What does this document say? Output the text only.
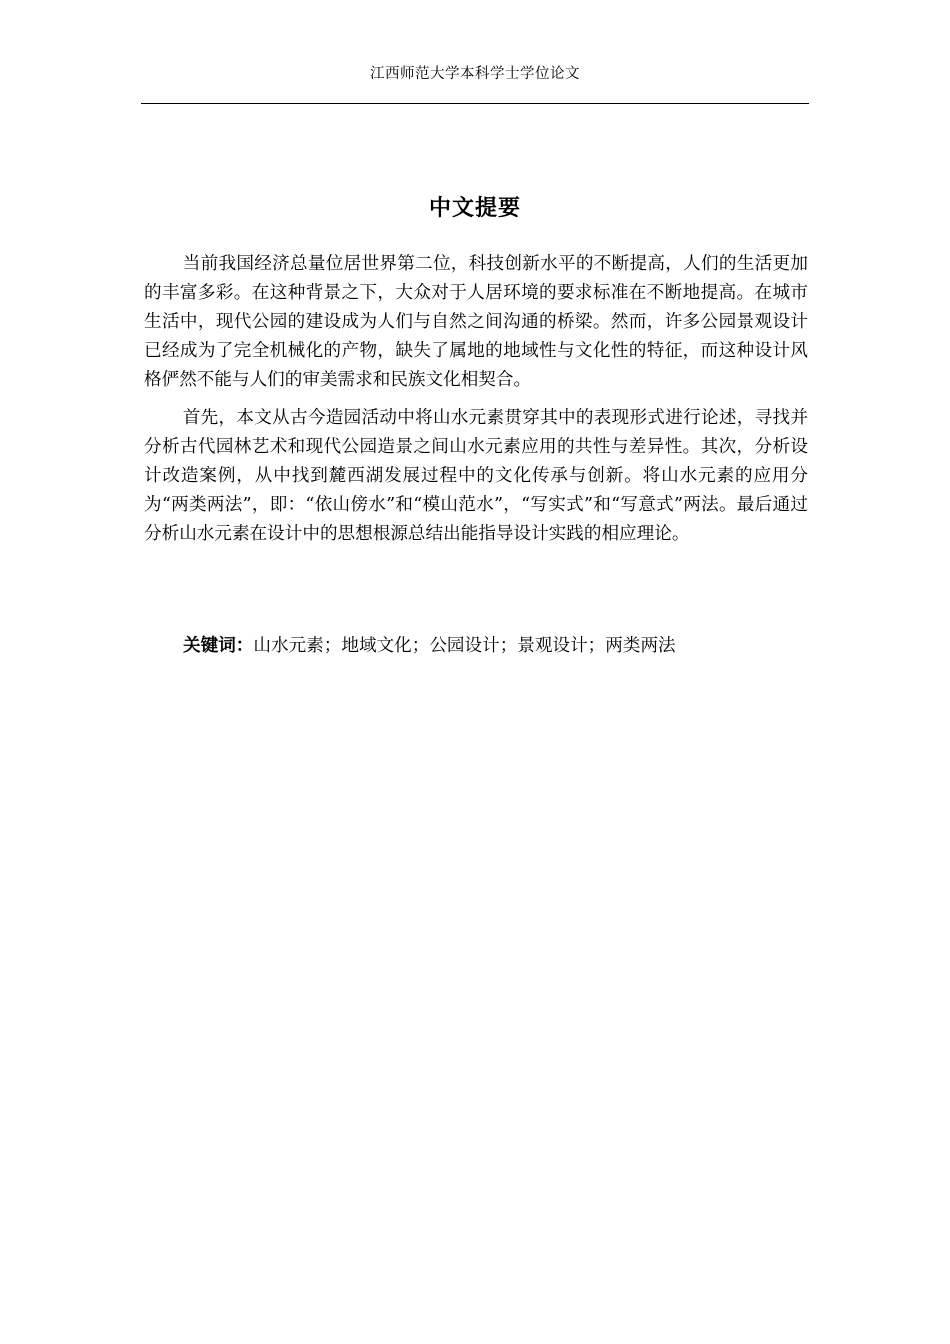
江西师范大学本科学士学位论文
中文提要

当前我国经济总量位居世界第二位，科技创新水平的不断提高，人们的生活更加的丰富多彩。在这种背景之下，大众对于人居环境的要求标准在不断地提高。在城市生活中，现代公园的建设成为人们与自然之间沟通的桥梁。然而，许多公园景观设计已经成为了完全机械化的产物，缺失了属地的地域性与文化性的特征，而这种设计风格俨然不能与人们的审美需求和民族文化相契合。

首先，本文从古今造园活动中将山水元素贯穿其中的表现形式进行论述，寻找并分析古代园林艺术和现代公园造景之间山水元素应用的共性与差异性。其次，分析设计改造案例，从中找到麓西湖发展过程中的文化传承与创新。将山水元素的应用分为“两类两法”，即：“依山傍水”和“模山范水”，“写实式”和“写意式”两法。最后通过分析山水元素在设计中的思想根源总结出能指导设计实践的相应理论。

关键词：山水元素；地域文化；公园设计；景观设计；两类两法
